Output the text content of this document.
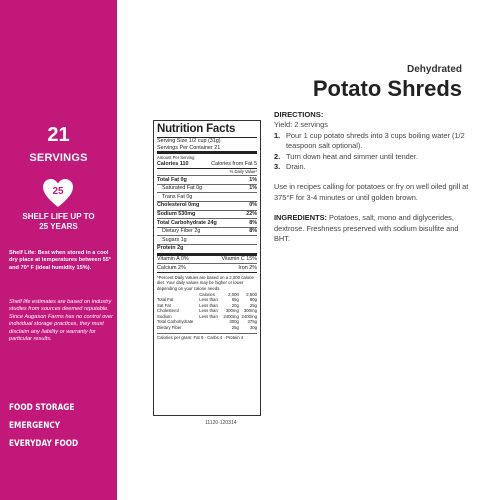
21
SERVINGS
25
SHELF LIFE UP TO
25 YEARS
Shelf Life: Best when stored in a cool dry place at temperatures between 55° and 70° F (ideal humidity 15%).
Shelf life estimates are based on industry studies from sources deemed reputable. Since Augason Farms has no control over individual storage practices, they must disclaim any liability or warranty for particular results.
FOOD STORAGE
EMERGENCY
EVERYDAY FOOD
Dehydrated
Potato Shreds
Nutrition Facts
Serving Size 1/2 cup (31g)
Servings Per Container 21
Amount Per Serving
Calories 110	Calories from Fat 5
% Daily Value*
Total Fat 0g	1%
Saturated Fat 0g	1%
Trans Fat 0g
Cholesterol 0mg	0%
Sodium 530mg	22%
Total Carbohydrate 24g	8%
Dietary Fiber 2g	8%
Sugars 1g
Protein 2g
Vitamin A 0%	Vitamin C 15%
Calcium 2%	Iron 2%
*Percent Daily Values are based on a 2,000 calorie diet. Your daily values may be higher or lower depending on your calorie needs.
	Calories	2,000	2,500
Total Fat	Less than	65g	80g
Sat Fat	Less than	20g	25g
Cholesterol	Less than	300mg	300mg
Sodium	Less than	2400mg	2400mg
Total Carbohydrate		300g	375g
Dietary Fiber		25g	30g
Calories per gram: Fat 9 · Carbs 4 · Protein 4
11120-120314
DIRECTIONS:
Yield: 2 servings
1. Pour 1 cup potato shreds into 3 cups boiling water (1/2 teaspoon salt optional).
2. Turn down heat and simmer until tender.
3. Drain.
Use in recipes calling for potatoes or fry on well oiled grill at 375°F for 3-4 minutes or until golden brown.
INGREDIENTS: Potatoes, salt, mono and diglycerides, dextrose. Freshness preserved with sodium bisulfite and BHT.
